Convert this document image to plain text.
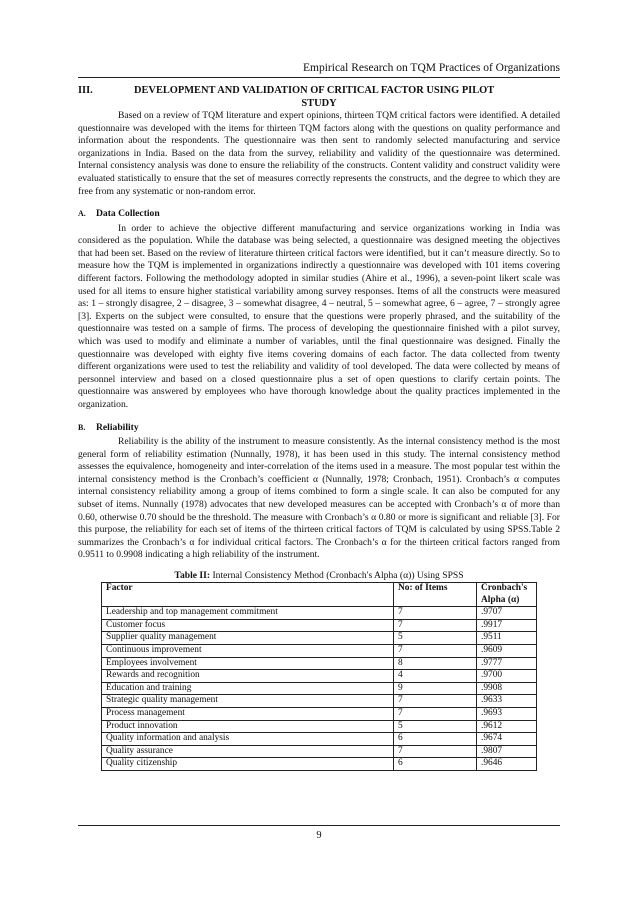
Empirical Research on TQM Practices of Organizations
III.	DEVELOPMENT AND VALIDATION OF CRITICAL FACTOR USING PILOT
STUDY

Based on a review of TQM literature and expert opinions, thirteen TQM critical factors were identified. A detailed questionnaire was developed with the items for thirteen TQM factors along with the questions on quality performance and information about the respondents. The questionnaire was then sent to randomly selected manufacturing and service organizations in India. Based on the data from the survey, reliability and validity of the questionnaire was determined. Internal consistency analysis was done to ensure the reliability of the constructs. Content validity and construct validity were evaluated statistically to ensure that the set of measures correctly represents the constructs, and the degree to which they are free from any systematic or non-random error.

A. Data Collection

In order to achieve the objective different manufacturing and service organizations working in India was considered as the population. While the database was being selected, a questionnaire was designed meeting the objectives that had been set. Based on the review of literature thirteen critical factors were identified, but it can’t measure directly. So to measure how the TQM is implemented in organizations indirectly a questionnaire was developed with 101 items covering different factors. Following the methodology adopted in similar studies (Ahire et al., 1996), a seven-point likert scale was used for all items to ensure higher statistical variability among survey responses. Items of all the constructs were measured as: 1 – strongly disagree, 2 – disagree, 3 – somewhat disagree, 4 – neutral, 5 – somewhat agree, 6 – agree, 7 – strongly agree [3]. Experts on the subject were consulted, to ensure that the questions were properly phrased, and the suitability of the questionnaire was tested on a sample of firms. The process of developing the questionnaire finished with a pilot survey, which was used to modify and eliminate a number of variables, until the final questionnaire was designed. Finally the questionnaire was developed with eighty five items covering domains of each factor. The data collected from twenty different organizations were used to test the reliability and validity of tool developed. The data were collected by means of personnel interview and based on a closed questionnaire plus a set of open questions to clarify certain points. The questionnaire was answered by employees who have thorough knowledge about the quality practices implemented in the organization.

B. Reliability

Reliability is the ability of the instrument to measure consistently. As the internal consistency method is the most general form of reliability estimation (Nunnally, 1978), it has been used in this study. The internal consistency method assesses the equivalence, homogeneity and inter-correlation of the items used in a measure. The most popular test within the internal consistency method is the Cronbach’s coefficient α (Nunnally, 1978; Cronbach, 1951). Cronbach’s α computes internal consistency reliability among a group of items combined to form a single scale. It can also be computed for any subset of items. Nunnally (1978) advocates that new developed measures can be accepted with Cronbach’s α of more than 0.60, otherwise 0.70 should be the threshold. The measure with Cronbach’s α 0.80 or more is significant and reliable [3]. For this purpose, the reliability for each set of items of the thirteen critical factors of TQM is calculated by using SPSS.Table 2 summarizes the Cronbach’s α for individual critical factors. The Cronbach’s α for the thirteen critical factors ranged from 0.9511 to 0.9908 indicating a high reliability of the instrument.

Table II: Internal Consistency Method (Cronbach's Alpha (α)) Using SPSS
Factor	No: of Items	Cronbach's Alpha (α)
Leadership and top management commitment	7	.9707
Customer focus	7	.9917
Supplier quality management	5	.9511
Continuous improvement	7	.9609
Employees involvement	8	.9777
Rewards and recognition	4	.9700
Education and training	9	.9908
Strategic quality management	7	.9633
Process management	7	.9693
Product innovation	5	.9612
Quality information and analysis	6	.9674
Quality assurance	7	.9807
Quality citizenship	6	.9646
9
